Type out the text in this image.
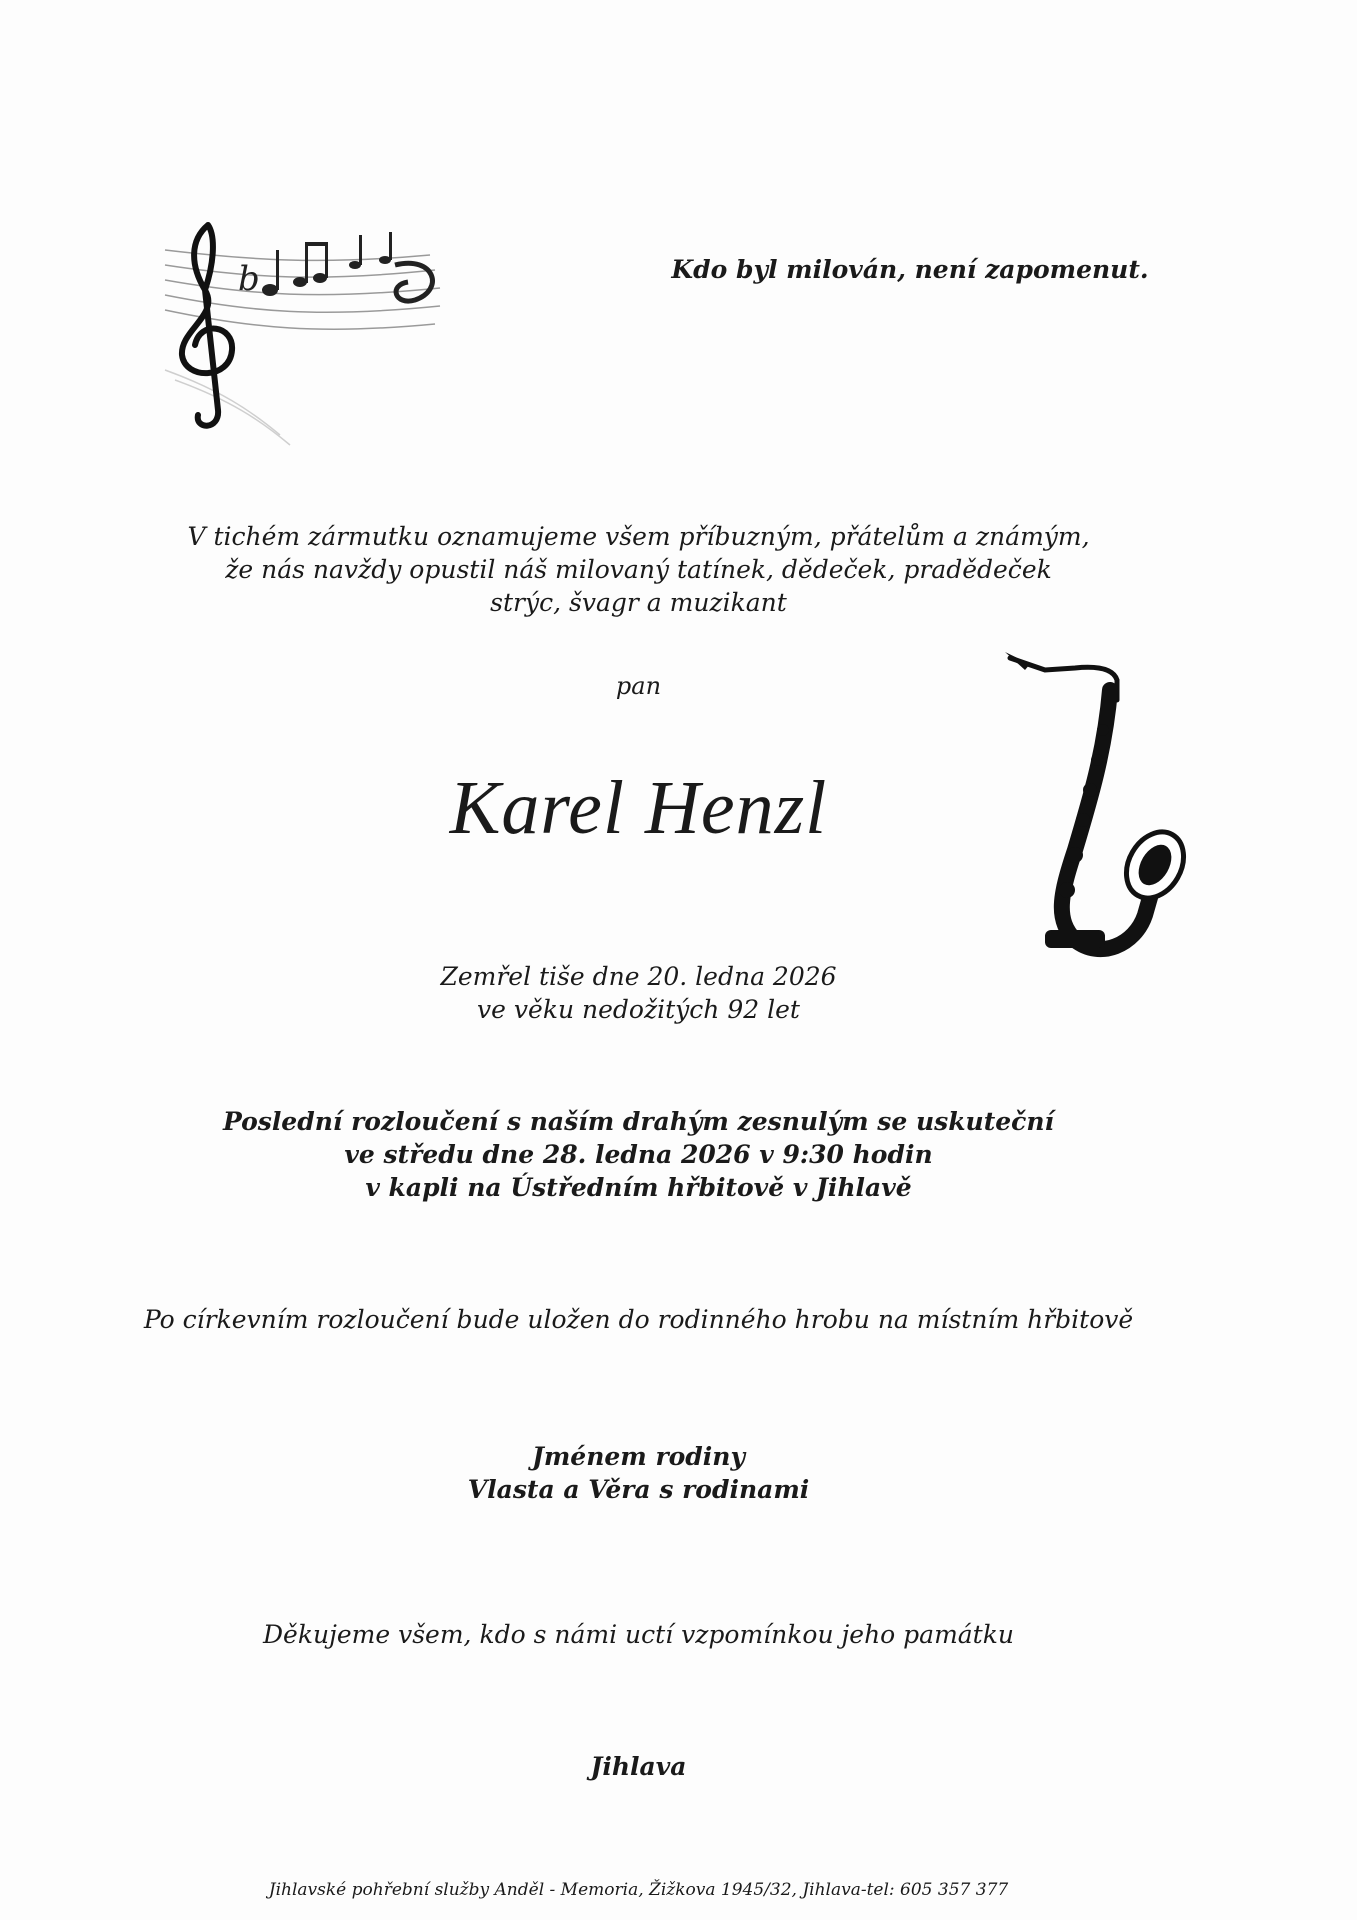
b	Kdo byl milován, není zapomenut.
V tichém zármutku oznamujeme všem příbuzným, přátelům a známým,
že nás navždy opustil náš milovaný tatínek, dědeček, pradědeček
strýc, švagr a muzikant
pan
Karel Henzl
Zemřel tiše dne 20. ledna 2026
ve věku nedožitých 92 let
Poslední rozloučení s naším drahým zesnulým se uskuteční
ve středu dne 28. ledna 2026 v 9:30 hodin
v kapli na Ústředním hřbitově v Jihlavě
Po církevním rozloučení bude uložen do rodinného hrobu na místním hřbitově
Jménem rodiny
Vlasta a Věra s rodinami
Děkujeme všem, kdo s námi uctí vzpomínkou jeho památku
Jihlava
Jihlavské pohřební služby Anděl - Memoria, Žižkova 1945/32, Jihlava-tel: 605 357 377
